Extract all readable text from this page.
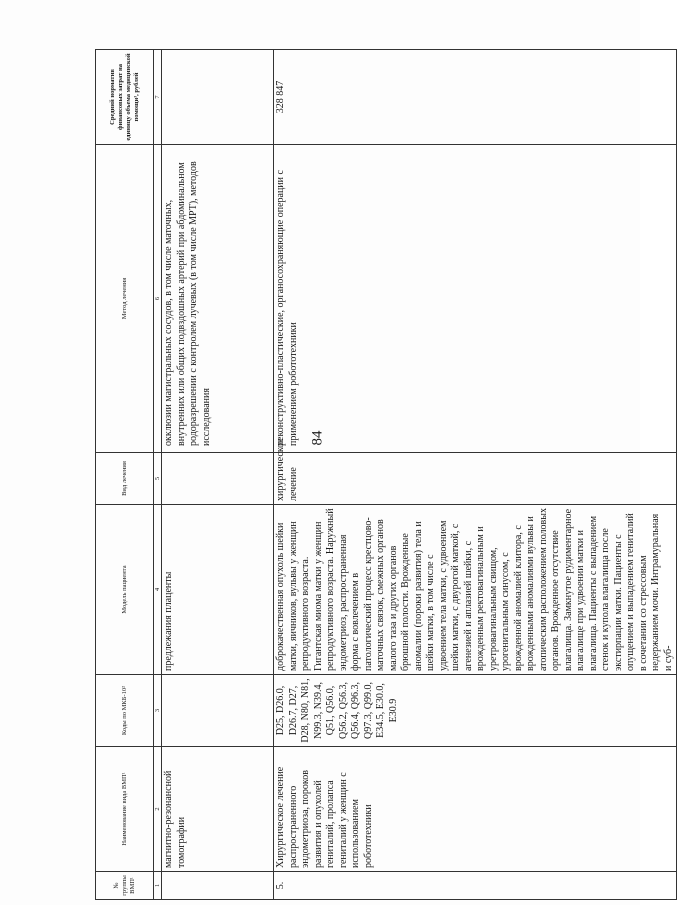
84
№ группы ВМП¹	Наименование вида ВМП¹	Коды по МКБ-10²	Модель пациента	Вид лечения	Метод лечения	Средний норматив финансовых затрат на единицу объема медицинской помощи³, рублей
1	2	3	4	5	6	7
	магнитно-резонансной томографии		предлежания плаценты		окклюзии магистральных сосудов, в том числе маточных, внутренних или общих подвздошных артерий при абдоминальном родоразрешении с контролем лучевых (в том числе МРТ), методов исследования	
5.	Хирургическое лечение распространенного эндометриоза, пороков развития и опухолей гениталий, пролапса гениталий у женщин с использованием робототехники	D25, D26.0, D26.7, D27, D28, N80, N81, N99.3, N39.4, Q51, Q56.0, Q56.2, Q56.3, Q56.4, Q96.3, Q97.3, Q99.0, E34.5, E30.0, E30.9	доброкачественная опухоль шейки матки, яичников, вульвы у женщин репродуктивного возраста. Гигантская миома матки у женщин репродуктивного возраста. Наружный эндометриоз, распространенная форма с вовлечением в патологический процесс крестцово-маточных связок, смежных органов малого таза и других органов брюшной полости. Врожденные аномалии (пороки развития) тела и шейки матки, в том числе с удвоением тела матки, с удвоением шейки матки, с двурогой маткой, с агенезией и аплазией шейки, с врожденным ректовагинальным и уретровагинальным свищом, урогенитальным синусом, с врожденной аномалией клитора, с врожденными аномалиями вульвы и атопическим расположением половых органов. Врожденное отсутствие влагалища. Замкнутое рудиментарное влагалище при удвоении матки и влагалища. Пациенты с выпадением стенок и купола влагалища после экстирпации матки. Пациенты с опущением и выпадением гениталий в сочетании со стрессовым недержанием мочи. Интрамуральная и суб-	хирургическое лечение	реконструктивно-пластические, органосохраняющие операции с применением робототехники	328 847
